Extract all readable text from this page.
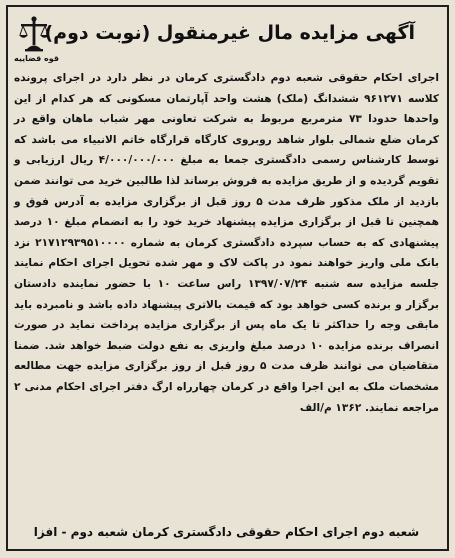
قوه قضاییه
آگهی مزایده مال غیرمنقول (نوبت دوم)

اجرای احکام حقوقی شعبه دوم دادگستری کرمان در نظر دارد در اجرای پرونده کلاسه ۹۶۱۲۷۱ ششدانگ (ملک) هشت واحد آپارتمان مسکونی که هر کدام از این واحدها حدودا ۷۳ مترمربع مربوط به شرکت تعاونی مهر شباب ماهان واقع در کرمان ضلع شمالی بلوار شاهد روبروی کارگاه قرارگاه خاتم الانبیاء می باشد که توسط کارشناس رسمی دادگستری جمعا به مبلغ ۴/۰۰۰/۰۰۰/۰۰۰ ریال ارزیابی و تقویم گردیده و از طریق مزایده به فروش برساند لذا طالبین خرید می توانند ضمن بازدید از ملک مذکور ظرف مدت ۵ روز قبل از برگزاری مزایده به آدرس فوق و همچنین تا قبل از برگزاری مزایده پیشنهاد خرید خود را به انضمام مبلغ ۱۰ درصد پیشنهادی که به حساب سپرده دادگستری کرمان به شماره ۲۱۷۱۲۹۳۹۵۱۰۰۰۰ نزد بانک ملی واریز خواهند نمود در پاکت لاک و مهر شده تحویل اجرای احکام نمایند جلسه مزایده سه شنبه ۱۳۹۷/۰۷/۲۴ راس ساعت ۱۰ با حضور نماینده دادستان برگزار و برنده کسی خواهد بود که قیمت بالاتری پیشنهاد داده باشد و نامبرده باید مابقی وجه را حداکثر تا یک ماه پس از برگزاری مزایده پرداخت نماید در صورت انصراف برنده مزایده ۱۰ درصد مبلغ واریزی به نفع دولت ضبط خواهد شد. ضمنا متقاضیان می توانند ظرف مدت ۵ روز قبل از روز برگزاری مزایده جهت مطالعه مشخصات ملک به این اجرا واقع در کرمان چهارراه ارگ دفتر اجرای احکام مدنی ۲ مراجعه نمایند. ۱۳۶۲ م/الف

شعبه دوم اجرای احکام حقوقی دادگستری کرمان شعبه دوم - افزا
